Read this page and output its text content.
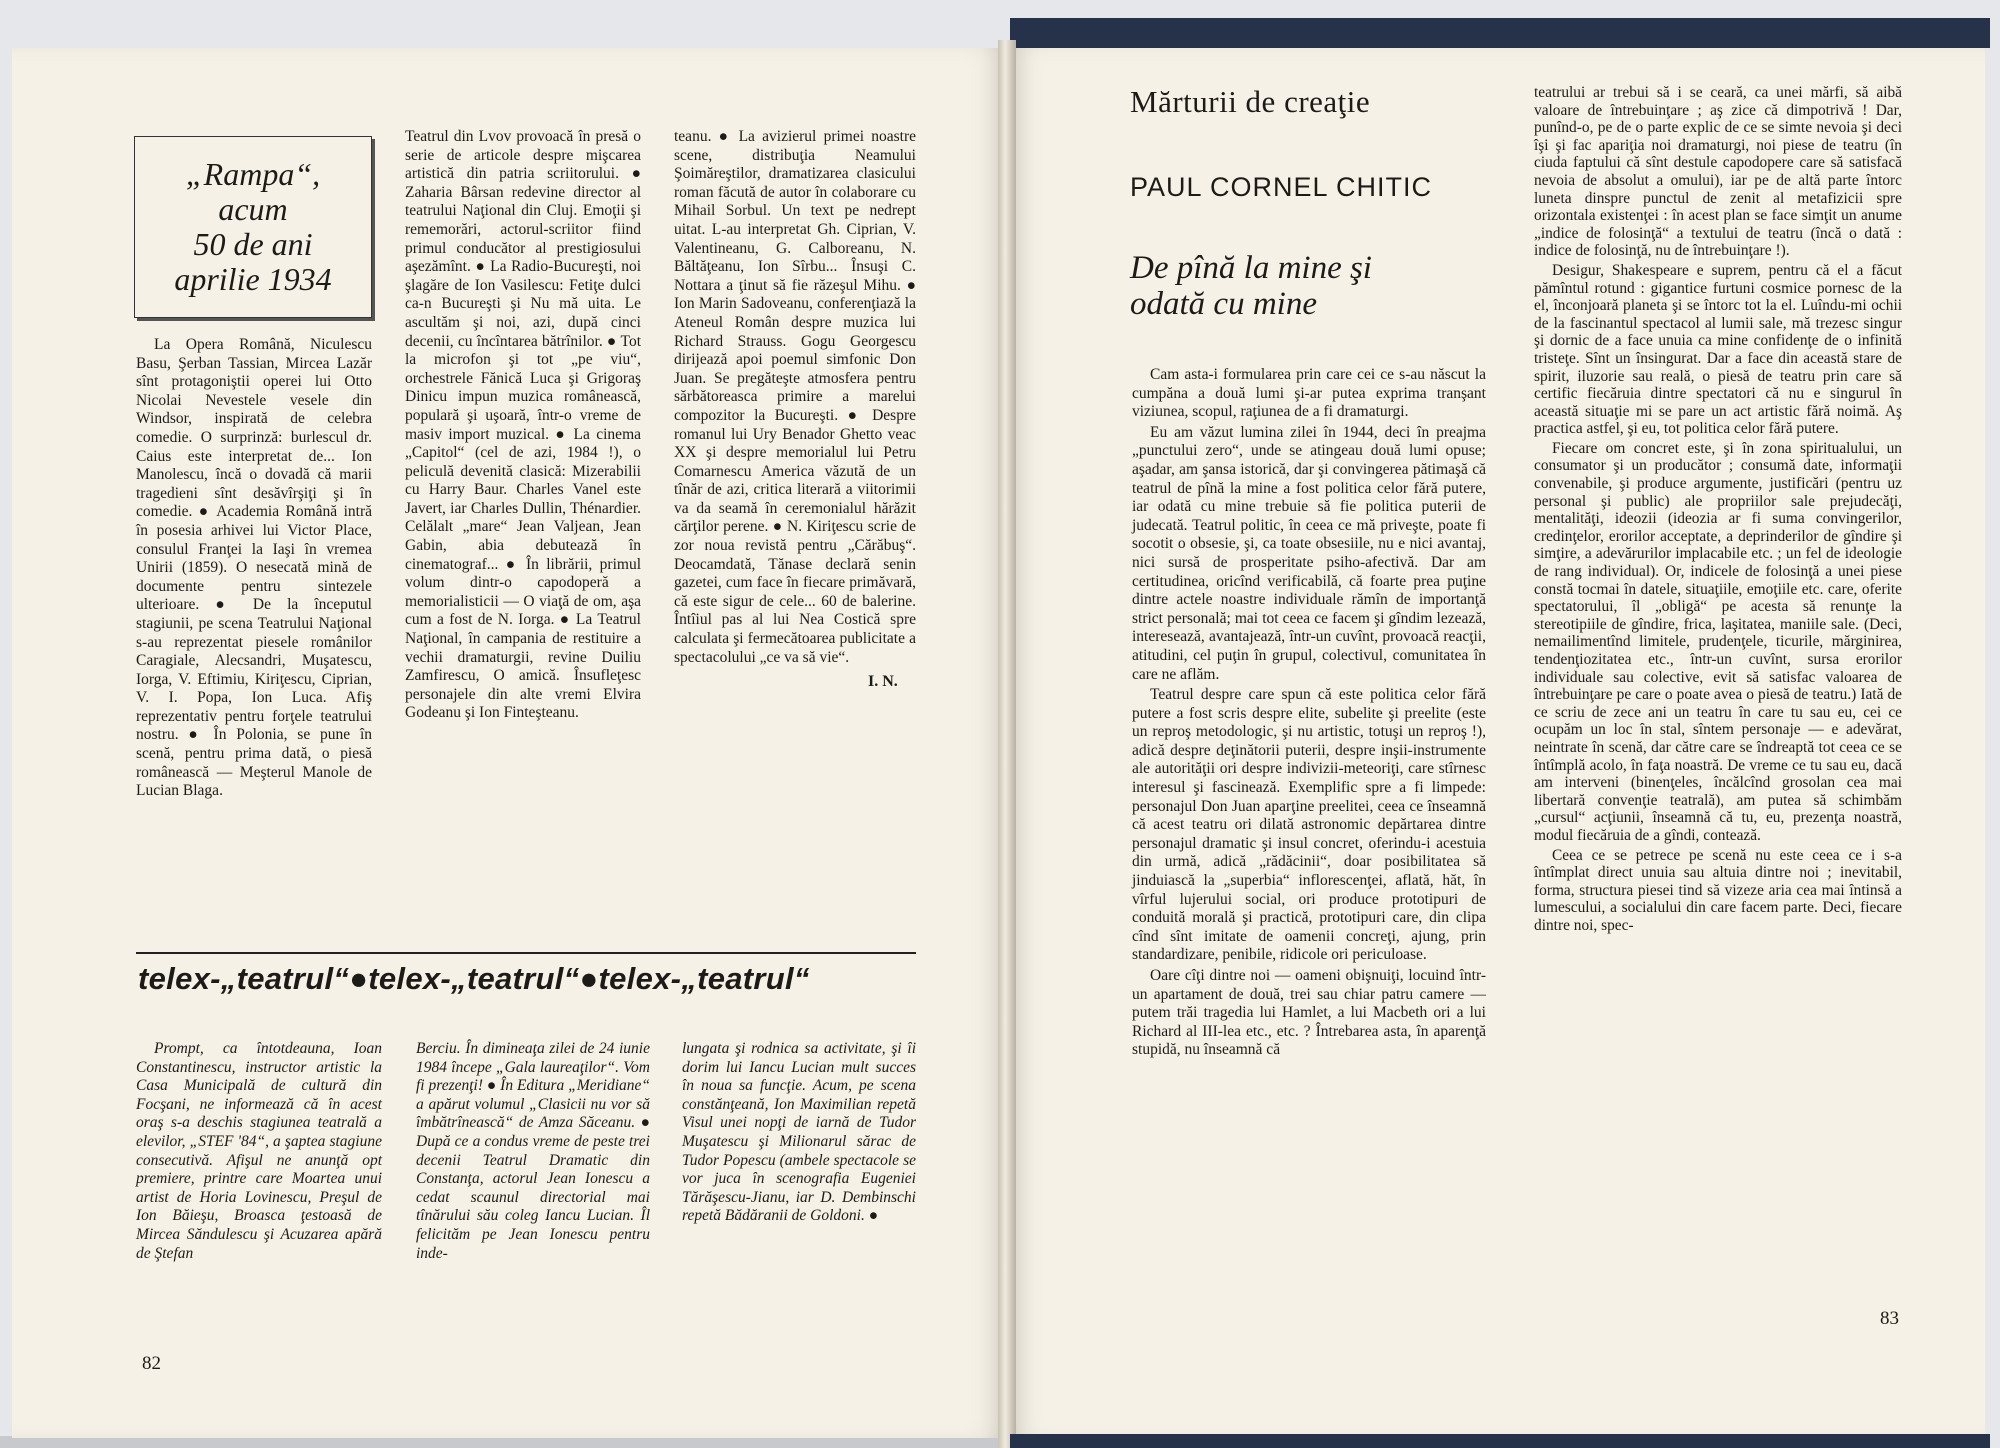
„Rampa“,
acum
50 de ani
aprilie 1934

La Opera Română, Niculescu Basu, Şerban Tassian, Mircea Lazăr sînt protagoniştii operei lui Otto Nicolai Nevestele vesele din Windsor, inspirată de celebra comedie. O surprinză: burlescul dr. Caius este interpretat de... Ion Manolescu, încă o dovadă că marii tragedieni sînt desăvîrşiţi şi în comedie. ● Academia Română intră în posesia arhivei lui Victor Place, consulul Franţei la Iaşi în vremea Unirii (1859). O nesecată mină de documente pentru sintezele ulterioare. ● De la începutul stagiunii, pe scena Teatrului Naţional s-au reprezentat piesele românilor Caragiale, Alecsandri, Muşatescu, Iorga, V. Eftimiu, Kiriţescu, Ciprian, V. I. Popa, Ion Luca. Afiş reprezentativ pentru forţele teatrului nostru. ● În Polonia, se pune în scenă, pentru prima dată, o piesă românească — Meşterul Manole de Lucian Blaga.

Teatrul din Lvov provoacă în presă o serie de articole despre mişcarea artistică din patria scriitorului. ● Zaharia Bârsan redevine director al teatrului Naţional din Cluj. Emoţii şi rememorări, actorul-scriitor fiind primul conducător al prestigiosului aşezămînt. ● La Radio-Bucureşti, noi şlagăre de Ion Vasilescu: Fetiţe dulci ca-n Bucureşti şi Nu mă uita. Le ascultăm şi noi, azi, după cinci decenii, cu încîntarea bătrînilor. ● Tot la microfon şi tot „pe viu“, orchestrele Fănică Luca şi Grigoraş Dinicu impun muzica românească, populară şi uşoară, într-o vreme de masiv import muzical. ● La cinema „Capitol“ (cel de azi, 1984 !), o peliculă devenită clasică: Mizerabilii cu Harry Baur. Charles Vanel este Javert, iar Charles Dullin, Thénardier. Celălalt „mare“ Jean Valjean, Jean Gabin, abia debutează în cinematograf... ● În librării, primul volum dintr-o capodoperă a memorialisticii — O viaţă de om, aşa cum a fost de N. Iorga. ● La Teatrul Naţional, în campania de restituire a vechii dramaturgii, revine Duiliu Zamfirescu, O amică. Însufleţesc personajele din alte vremi Elvira Godeanu şi Ion Finteşteanu.

teanu. ● La avizierul primei noastre scene, distribuţia Neamului Şoimăreştilor, dramatizarea clasicului roman făcută de autor în colaborare cu Mihail Sorbul. Un text pe nedrept uitat. L-au interpretat Gh. Ciprian, V. Valentineanu, G. Calboreanu, N. Băltăţeanu, Ion Sîrbu... Însuşi C. Nottara a ţinut să fie răzeşul Mihu. ● Ion Marin Sadoveanu, conferenţiază la Ateneul Român despre muzica lui Richard Strauss. Gogu Georgescu dirijează apoi poemul simfonic Don Juan. Se pregăteşte atmosfera pentru sărbătoreasca primire a marelui compozitor la Bucureşti. ● Despre romanul lui Ury Benador Ghetto veac XX şi despre memorialul lui Petru Comarnescu America văzută de un tînăr de azi, critica literară a viitorimii va da seamă în ceremonialul hărăzit cărţilor perene. ● N. Kiriţescu scrie de zor noua revistă pentru „Cărăbuş“. Deocamdată, Tănase declară senin gazetei, cum face în fiecare primăvară, că este sigur de cele... 60 de balerine. Întîiul pas al lui Nea Costică spre calculata şi fermecătoarea publicitate a spectacolului „ce va să vie“.

I. N.
telex-„teatrul“●telex-„teatrul“●telex-„teatrul“

Prompt, ca întotdeauna, Ioan Constantinescu, instructor artistic la Casa Municipală de cultură din Focşani, ne informează că în acest oraş s-a deschis stagiunea teatrală a elevilor, „STEF '84“, a şaptea stagiune consecutivă. Afişul ne anunţă opt premiere, printre care Moartea unui artist de Horia Lovinescu, Preşul de Ion Băieşu, Broasca ţestoasă de Mircea Săndulescu şi Acuzarea apără de Ştefan

Berciu. În dimineaţa zilei de 24 iunie 1984 începe „Gala laureaţilor“. Vom fi prezenţi! ● În Editura „Meridiane“ a apărut volumul „Clasicii nu vor să îmbătrînească“ de Amza Săceanu. ● După ce a condus vreme de peste trei decenii Teatrul Dramatic din Constanţa, actorul Jean Ionescu a cedat scaunul directorial mai tînărului său coleg Iancu Lucian. Îl felicităm pe Jean Ionescu pentru inde-

lungata şi rodnica sa activitate, şi îi dorim lui Iancu Lucian mult succes în noua sa funcţie. Acum, pe scena constănţeană, Ion Maximilian repetă Visul unei nopţi de iarnă de Tudor Muşatescu şi Milionarul sărac de Tudor Popescu (ambele spectacole se vor juca în scenografia Eugeniei Tărăşescu-Jianu, iar D. Dembinschi repetă Bădăranii de Goldoni. ●

82
Mărturii de creaţie
PAUL CORNEL CHITIC
De pînă la mine şi
odată cu mine

Cam asta-i formularea prin care cei ce s-au născut la cumpăna a două lumi şi-ar putea exprima tranşant viziunea, scopul, raţiunea de a fi dramaturgi.

Eu am văzut lumina zilei în 1944, deci în preajma „punctului zero“, unde se atingeau două lumi opuse; aşadar, am şansa istorică, dar şi convingerea pătimaşă că teatrul de pînă la mine a fost politica celor fără putere, iar odată cu mine trebuie să fie politica puterii de judecată. Teatrul politic, în ceea ce mă priveşte, poate fi socotit o obsesie, şi, ca toate obsesiile, nu e nici avantaj, nici sursă de prosperitate psiho-afectivă. Dar am certitudinea, oricînd verificabilă, că foarte prea puţine dintre actele noastre individuale rămîn de importanţă strict personală; mai tot ceea ce facem şi gîndim lezează, interesează, avantajează, într-un cuvînt, provoacă reacţii, atitudini, cel puţin în grupul, colectivul, comunitatea în care ne aflăm.

Teatrul despre care spun că este politica celor fără putere a fost scris despre elite, subelite şi preelite (este un reproş metodologic, şi nu artistic, totuşi un reproş !), adică despre deţinătorii puterii, despre inşii-instrumente ale autorităţii ori despre indivizii-meteoriţi, care stîrnesc interesul şi fascinează. Exemplific spre a fi limpede: personajul Don Juan aparţine preelitei, ceea ce înseamnă că acest teatru ori dilată astronomic depărtarea dintre personajul dramatic şi insul concret, oferindu-i acestuia din urmă, adică „rădăcinii“, doar posibilitatea să jinduiască la „superbia“ inflorescenţei, aflată, hăt, în vîrful lujerului social, ori produce prototipuri de conduită morală şi practică, prototipuri care, din clipa cînd sînt imitate de oamenii concreţi, ajung, prin standardizare, penibile, ridicole ori periculoase.

Oare cîţi dintre noi — oameni obişnuiţi, locuind într-un apartament de două, trei sau chiar patru camere — putem trăi tragedia lui Hamlet, a lui Macbeth ori a lui Richard al III-lea etc., etc. ? Întrebarea asta, în aparenţă stupidă, nu înseamnă că

teatrului ar trebui să i se ceară, ca unei mărfi, să aibă valoare de întrebuinţare ; aş zice că dimpotrivă ! Dar, punînd-o, pe de o parte explic de ce se simte nevoia şi deci îşi şi fac apariţia noi dramaturgi, noi piese de teatru (în ciuda faptului că sînt destule capodopere care să satisfacă nevoia de absolut a omului), iar pe de altă parte întorc luneta dinspre punctul de zenit al metafizicii spre orizontala existenţei : în acest plan se face simţit un anume „indice de folosinţă“ a textului de teatru (încă o dată : indice de folosinţă, nu de întrebuinţare !).

Desigur, Shakespeare e suprem, pentru că el a făcut pămîntul rotund : gigantice furtuni cosmice pornesc de la el, înconjoară planeta şi se întorc tot la el. Luîndu-mi ochii de la fascinantul spectacol al lumii sale, mă trezesc singur şi dornic de a face unuia ca mine confidenţe de o infinită tristeţe. Sînt un însingurat. Dar a face din această stare de spirit, iluzorie sau reală, o piesă de teatru prin care să certific fiecăruia dintre spectatori că nu e singurul în această situaţie mi se pare un act artistic fără noimă. Aş practica astfel, şi eu, tot politica celor fără putere.

Fiecare om concret este, şi în zona spiritualului, un consumator şi un producător ; consumă date, informaţii convenabile, şi produce argumente, justificări (pentru uz personal şi public) ale propriilor sale prejudecăţi, mentalităţi, ideozii (ideozia ar fi suma convingerilor, credinţelor, erorilor acceptate, a deprinderilor de gîndire şi simţire, a adevărurilor implacabile etc. ; un fel de ideologie de rang individual). Or, indicele de folosinţă a unei piese constă tocmai în datele, situaţiile, emoţiile etc. care, oferite spectatorului, îl „obligă“ pe acesta să renunţe la stereotipiile de gîndire, frica, laşitatea, maniile sale. (Deci, nemailimentînd limitele, prudenţele, ticurile, mărginirea, tendenţiozitatea etc., într-un cuvînt, sursa erorilor individuale sau colective, evit să satisfac valoarea de întrebuinţare pe care o poate avea o piesă de teatru.) Iată de ce scriu de zece ani un teatru în care tu sau eu, cei ce ocupăm un loc în stal, sîntem personaje — e adevărat, neintrate în scenă, dar către care se îndreaptă tot ceea ce se întîmplă acolo, în faţa noastră. De vreme ce tu sau eu, dacă am interveni (binenţeles, încălcînd grosolan cea mai libertară convenţie teatrală), am putea să schimbăm „cursul“ acţiunii, înseamnă că tu, eu, prezenţa noastră, modul fiecăruia de a gîndi, contează.

Ceea ce se petrece pe scenă nu este ceea ce i s-a întîmplat direct unuia sau altuia dintre noi ; inevitabil, forma, structura piesei tind să vizeze aria cea mai întinsă a lumescului, a socialului din care facem parte. Deci, fiecare dintre noi, spec-

83
